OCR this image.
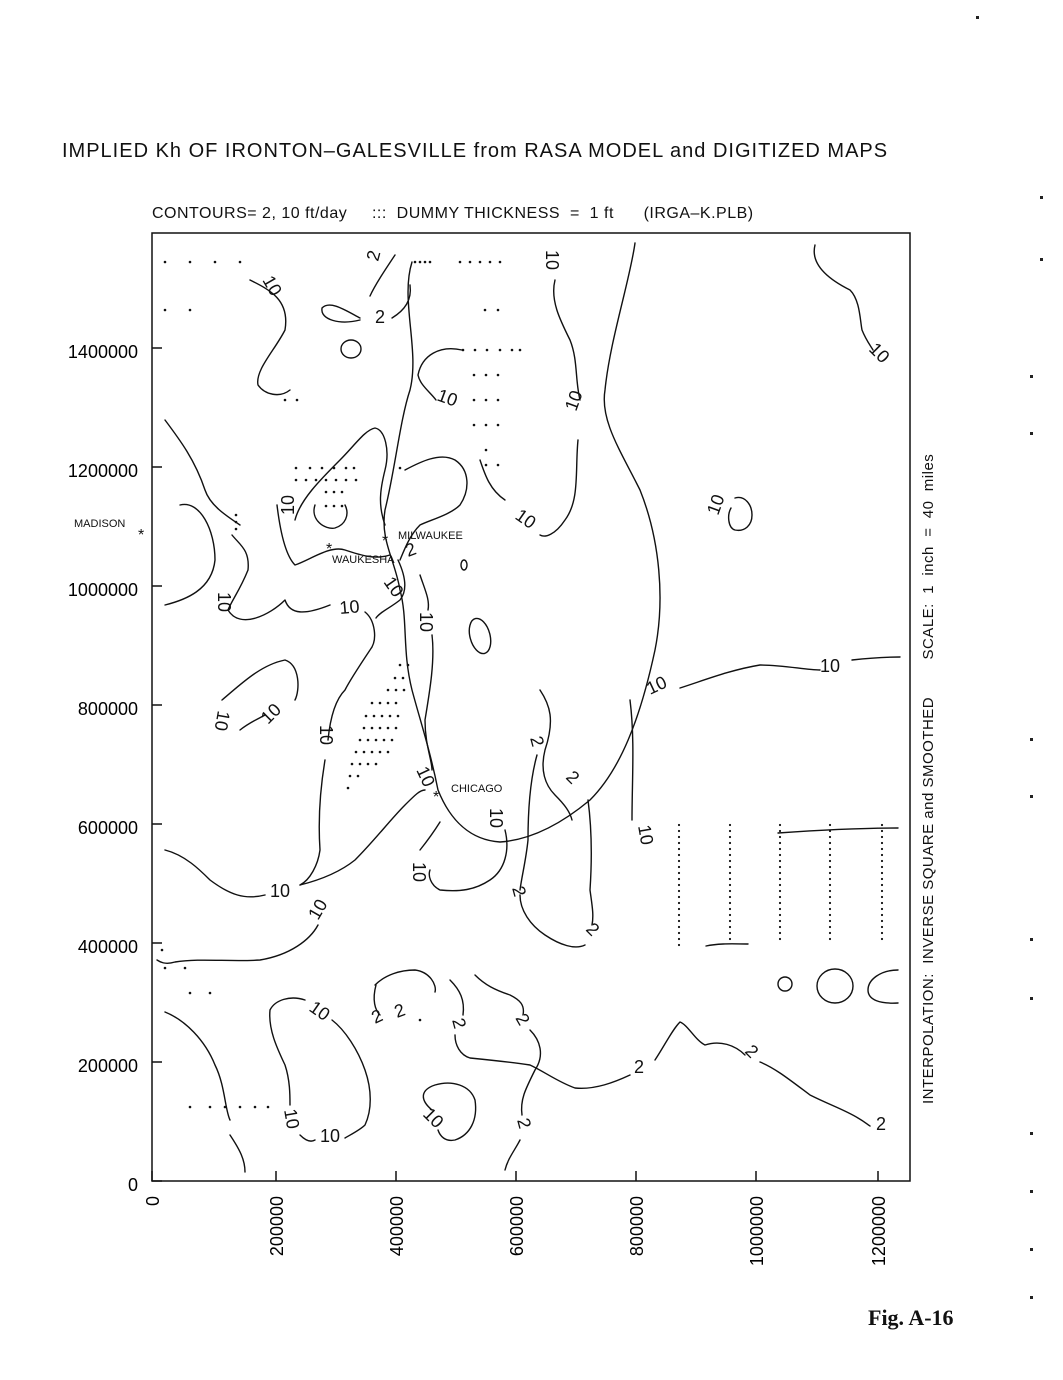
IMPLIED Kh OF IRONTON–GALESVILLE from RASA MODEL and DIGITIZED MAPS
CONTOURS= 2, 10 ft/day     :::  DUMMY THICKNESS  =  1 ft      (IRGA–K.PLB)
INTERPOLATION:  INVERSE SQUARE and SMOOTHED        SCALE:  1  inch  =  40  miles
Fig. A-16
0
200000
400000
600000
800000
1000000
1200000
1400000
0	200000	400000	600000	800000	1000000	1200000
*
MADISON
* MILWAUKEE
*
WAUKESHA
* CHICAGO
2
10
2
10
10	10
10
10
10	10
2
10
10	10
10
10
10
10 10
10	2
10	2
10
10
10
10	2
10
2
10 2 2
2 2
2
2
10
10
10	2	2
